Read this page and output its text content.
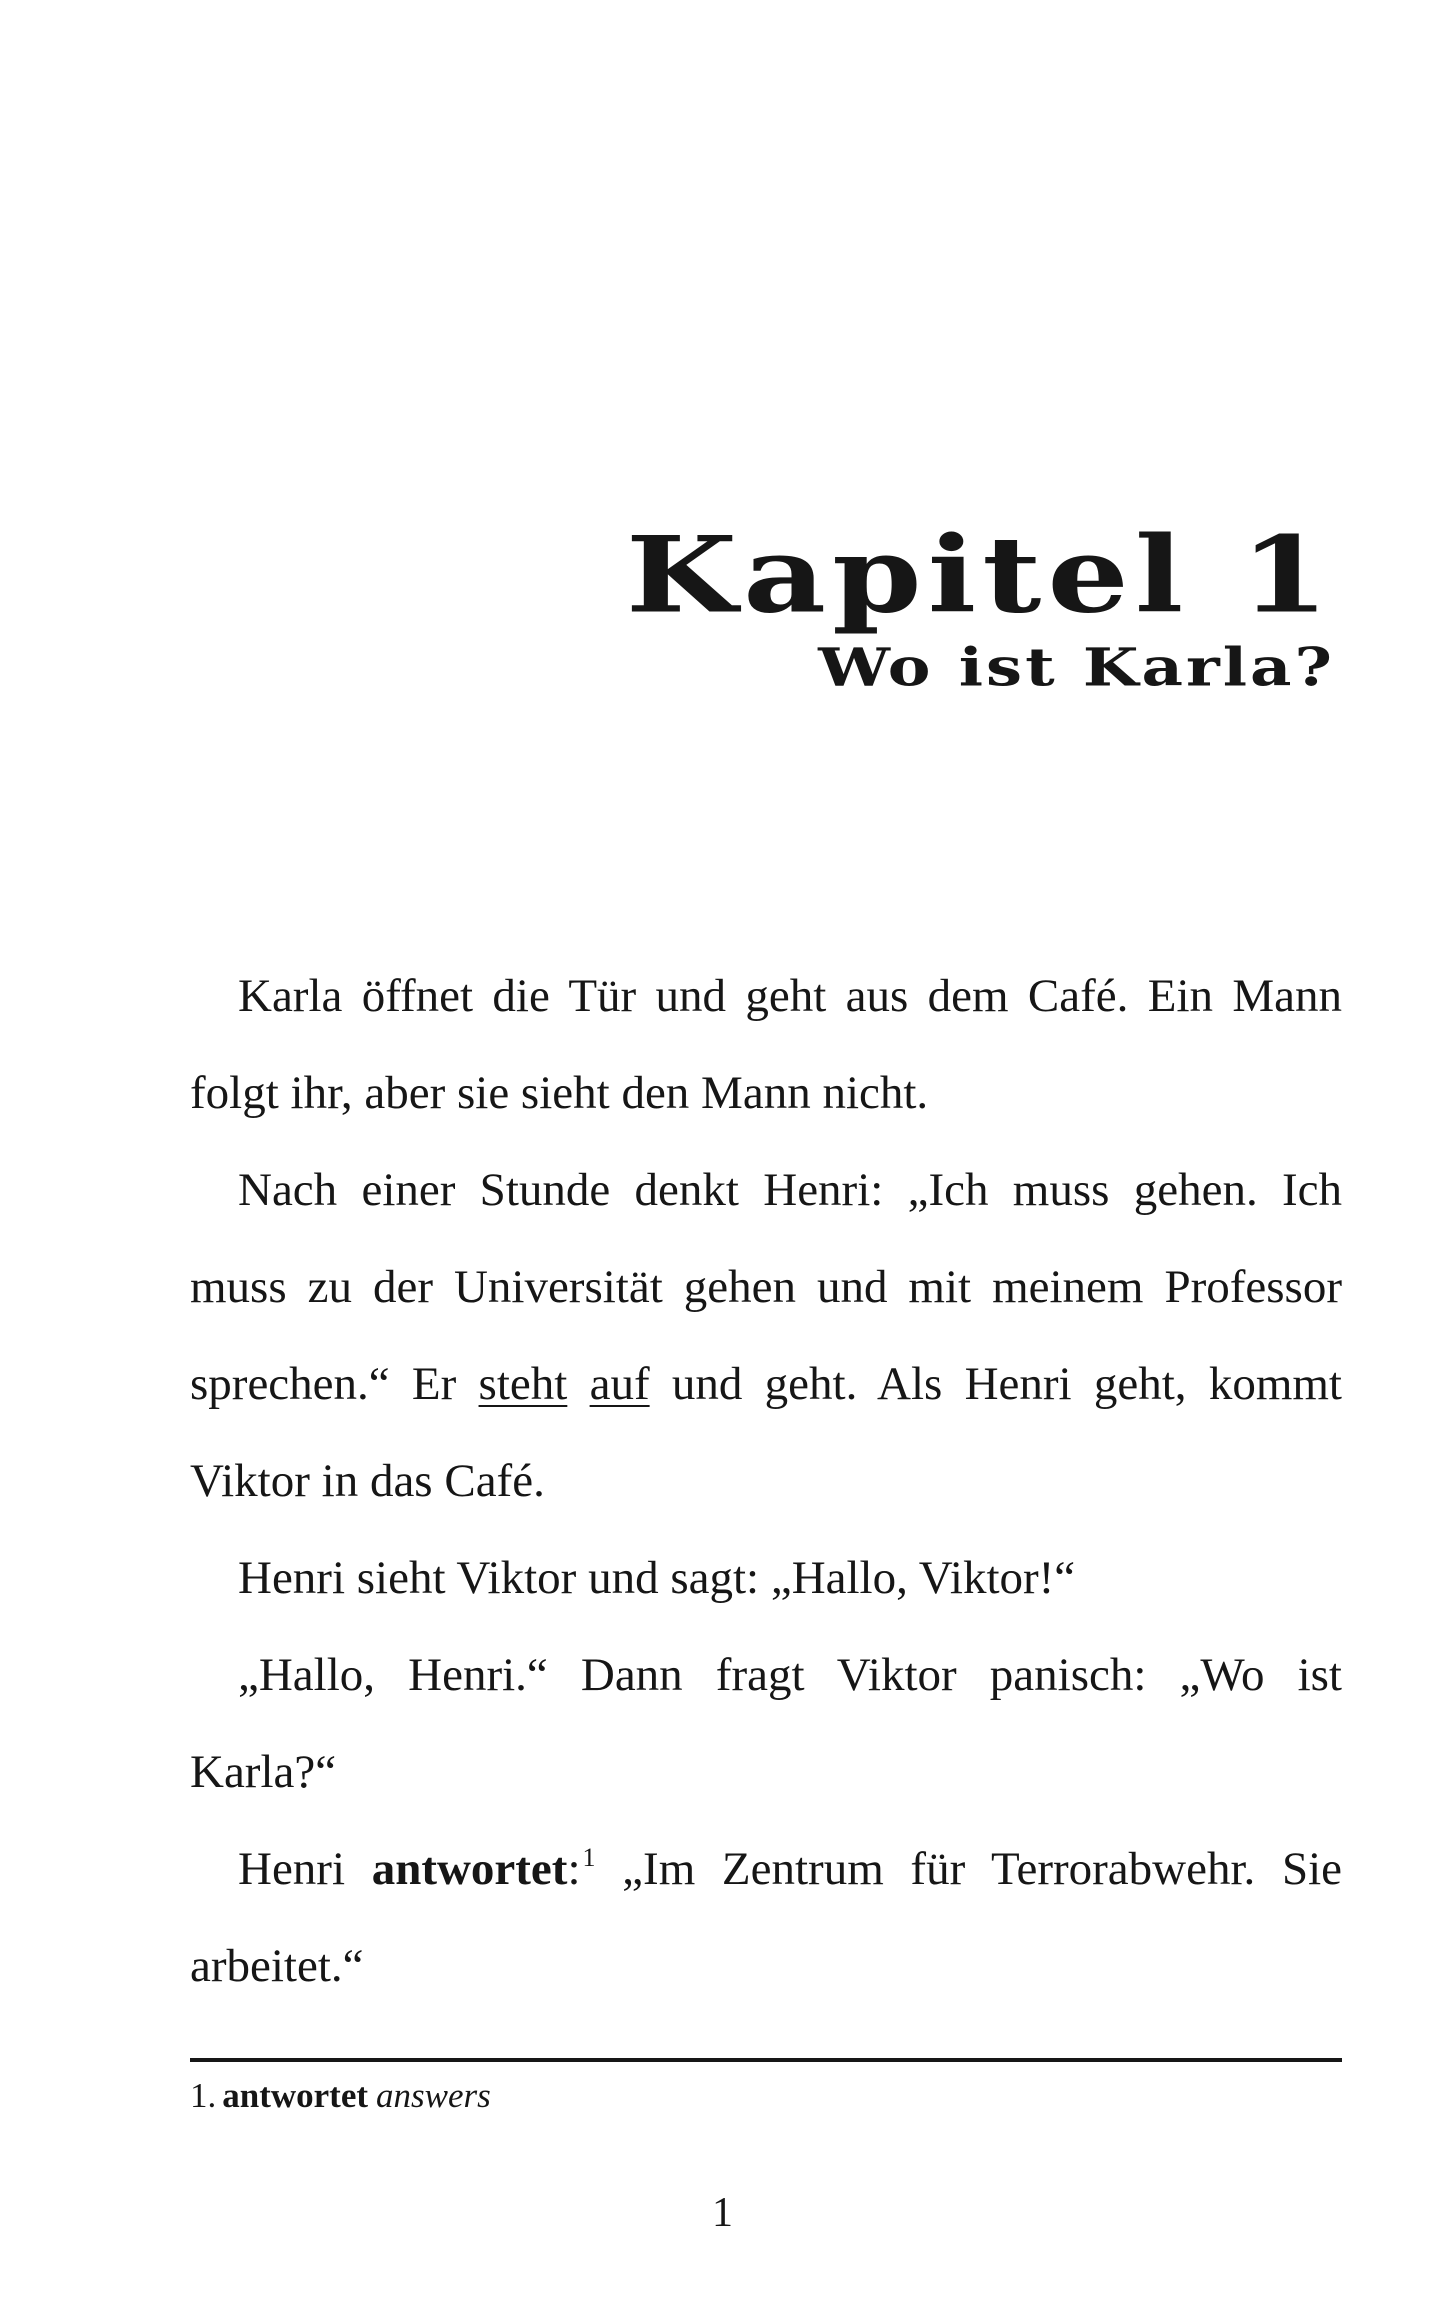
Kapitel 1
Wo ist Karla?

Karla öffnet die Tür und geht aus dem Café. Ein Mann folgt ihr, aber sie sieht den Mann nicht.

Nach einer Stunde denkt Henri: „Ich muss gehen. Ich muss zu der Universität gehen und mit meinem Professor sprechen.“ Er steht auf und geht. Als Henri geht, kommt Viktor in das Café.

Henri sieht Viktor und sagt: „Hallo, Viktor!“

„Hallo, Henri.“ Dann fragt Viktor panisch: „Wo ist Karla?“

Henri antwortet:$^1$ „Im Zentrum für Terrorabwehr. Sie arbeitet.“

1. antwortet answers
1
